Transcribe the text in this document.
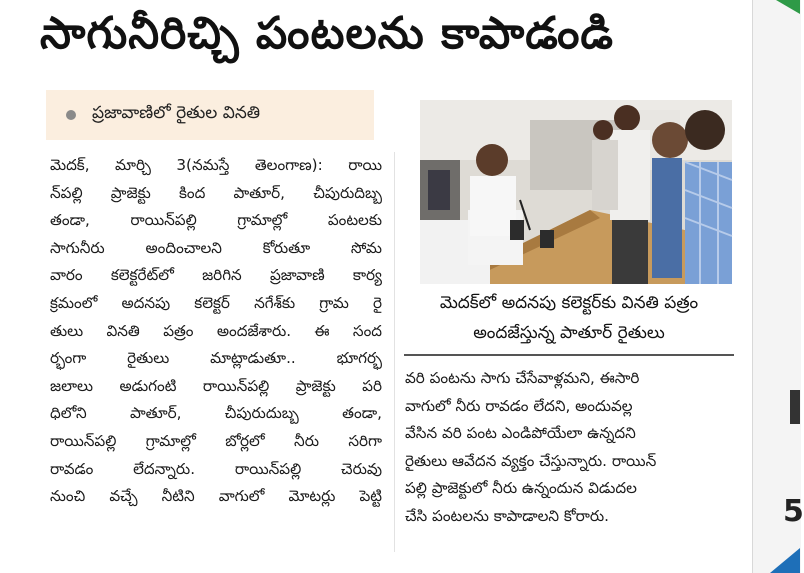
5
సాగునీరిచ్చి పంటలను కాపాడండి
ప్రజావాణిలో రైతుల వినతి
మెదక్, మార్చి 3(నమస్తే తెలంగాణ): రాయి
న్‌పల్లి ప్రాజెక్టు కింద పాతూర్, చీపురుదిబ్బ
తండా, రాయిన్‌పల్లి గ్రామాల్లో పంటలకు
సాగునీరు అందించాలని కోరుతూ సోమ
వారం కలెక్టరేట్‌లో జరిగిన ప్రజావాణి కార్య
క్రమంలో అదనపు కలెక్టర్ నగేశ్‌కు గ్రామ రై
తులు వినతి పత్రం అందజేశారు. ఈ సంద
ర్భంగా రైతులు మాట్లాడుతూ.. భూగర్భ
జలాలు అడుగంటి రాయిన్‌పల్లి ప్రాజెక్టు పరి
ధిలోని పాతూర్, చీపురుదుబ్బ తండా,
రాయిన్‌పల్లి గ్రామాల్లో బోర్లలో నీరు సరిగా
రావడం లేదన్నారు. రాయిన్‌పల్లి చెరువు
నుంచి వచ్చే నీటిని వాగులో మోటర్లు పెట్టి
మెదక్‌లో అదనపు కలెక్టర్‌కు వినతి పత్రం
అందజేస్తున్న పాతూర్ రైతులు
వరి పంటను సాగు చేసేవాళ్లమని, ఈసారి
వాగులో నీరు రావడం లేదని, అందువల్ల
వేసిన వరి పంట ఎండిపోయేలా ఉన్నదని
రైతులు ఆవేదన వ్యక్తం చేస్తున్నారు. రాయిన్
పల్లి ప్రాజెక్టులో నీరు ఉన్నందున విడుదల
చేసి పంటలను కాపాడాలని కోరారు.
